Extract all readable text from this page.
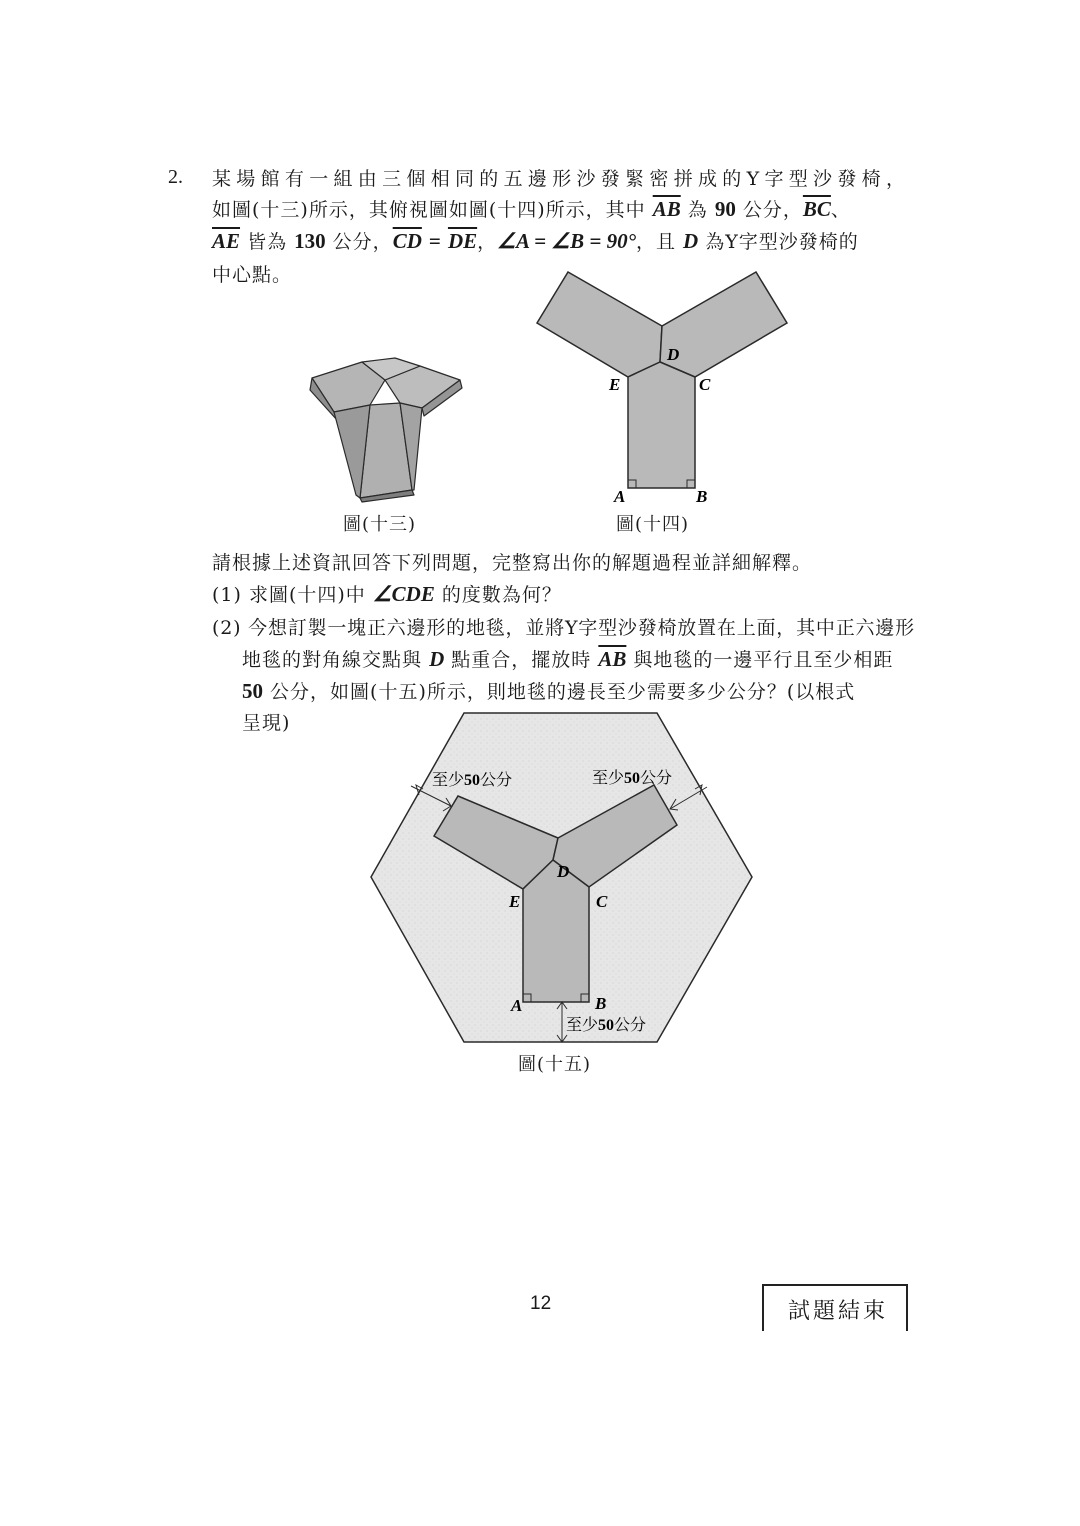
2. 某場館有一組由三個相同的五邊形沙發緊密拼成的Y字型沙發椅，
如圖(十三)所示，其俯視圖如圖(十四)所示，其中 $\overline{AB}$ 為 90 公分，$\overline{BC}$、
$\overline{AE}$ 皆為 130 公分，$\overline{CD} = \overline{DE}$，∠A = ∠B = 90°，且 D 為Y字型沙發椅的
中心點。
圖(十三)
D
E	C
A	B
圖(十四)
請根據上述資訊回答下列問題，完整寫出你的解題過程並詳細解釋。
(1) 求圖(十四)中 ∠CDE 的度數為何？
(2) 今想訂製一塊正六邊形的地毯，並將Y字型沙發椅放置在上面，其中正六邊形
地毯的對角線交點與 D 點重合，擺放時 $\overline{AB}$ 與地毯的一邊平行且至少相距
50 公分，如圖(十五)所示，則地毯的邊長至少需要多少公分？(以根式
呈現)
D
E	C
A	B
至少50公分	至少50公分
至少50公分
圖(十五)
12	試題結束
